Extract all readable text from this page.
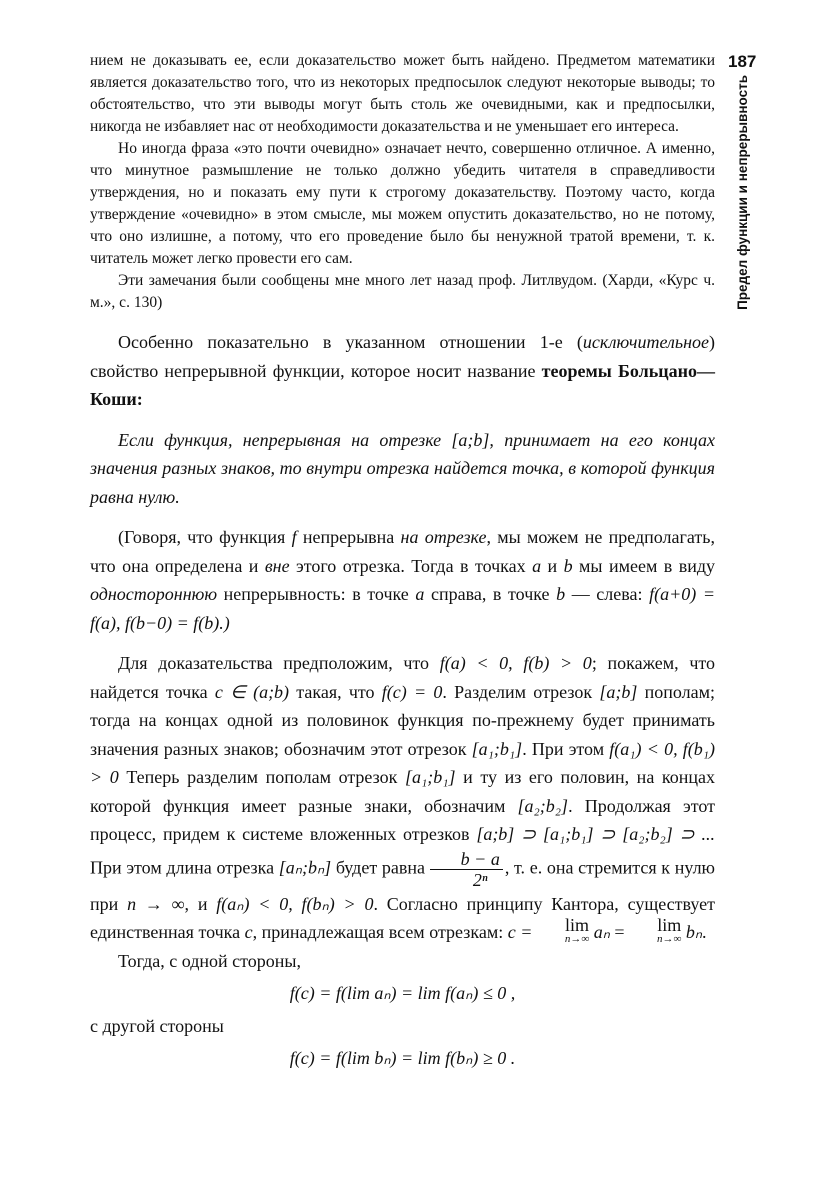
187
Предел функции и непрерывность

нием не доказывать ее, если доказательство может быть найдено. Предметом математики является доказательство того, что из некоторых предпосылок следуют некоторые выводы; то обстоятельство, что эти выводы могут быть столь же очевидными, как и предпосылки, никогда не избавляет нас от необходимости доказательства и не уменьшает его интереса.

Но иногда фраза «это почти очевидно» означает нечто, совершенно отличное. А именно, что минутное размышление не только должно убедить читателя в справедливости утверждения, но и показать ему пути к строгому доказательству. Поэтому часто, когда утверждение «очевидно» в этом смысле, мы можем опустить доказательство, но не потому, что оно излишне, а потому, что его проведение было бы ненужной тратой времени, т. к. читатель может легко провести его сам.

Эти замечания были сообщены мне много лет назад проф. Литлвудом. (Харди, «Курс ч. м.», с. 130)

Особенно показательно в указанном отношении 1-е (исключительное) свойство непрерывной функции, которое носит название теоремы Больцано—Коши:

Если функция, непрерывная на отрезке [a;b], принимает на его концах значения разных знаков, то внутри отрезка найдется точка, в которой функция равна нулю.

(Говоря, что функция f непрерывна на отрезке, мы можем не предполагать, что она определена и вне этого отрезка. Тогда в точках a и b мы имеем в виду одностороннюю непрерывность: в точке a справа, в точке b — слева: f(a+0) = f(a), f(b−0) = f(b).)

Для доказательства предположим, что f(a) < 0, f(b) > 0; покажем, что найдется точка c ∈ (a;b) такая, что f(c) = 0. Разделим отрезок [a;b] пополам; тогда на концах одной из половинок функция по-прежнему будет принимать значения разных знаков; обозначим этот отрезок [a₁;b₁]. При этом f(a₁) < 0, f(b₁) > 0 Теперь разделим пополам отрезок [a₁;b₁] и ту из его половин, на концах которой функция имеет разные знаки, обозначим [a₂;b₂]. Продолжая этот процесс, придем к системе вложенных отрезков [a;b] ⊃ [a₁;b₁] ⊃ [a₂;b₂] ⊃ ... При этом длина отрезка [aₙ;bₙ] будет равна $\frac{b - a}{\text{2ⁿ}}$ , т. е. она стремится к нулю при n → ∞, и f(aₙ) < 0, f(bₙ) > 0. Согласно принципу Кантора, существует единственная точка c, принадлежащая всем отрезкам: c = lim
n→∞ aₙ = lim
n→∞ bₙ.

Тогда, с одной стороны,

f(c) = f(lim aₙ) = lim f(aₙ) ≤ 0 ,

с другой стороны

f(c) = f(lim bₙ) = lim f(bₙ) ≥ 0 .
